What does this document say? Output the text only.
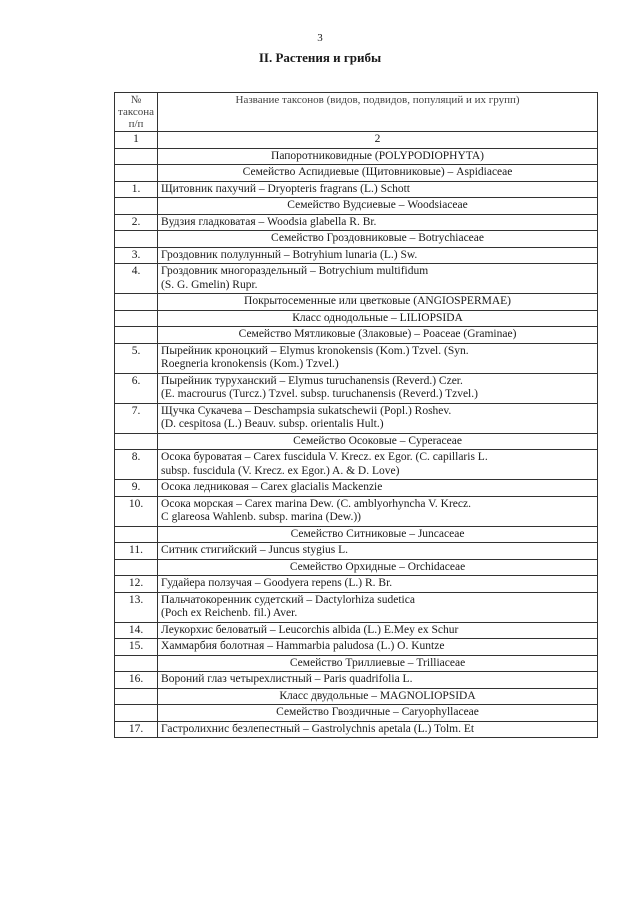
3
II. Растения и грибы
№
таксона
п/п	Название таксонов (видов, подвидов, популяций и их групп)
1	2

	Папоротниковидные (POLYPODIOPHYTA)

	Семейство Аспидиевые (Щитовниковые) – Aspidiaceae

1.	Щитовник пахучий – Dryopteris fragrans (L.) Schott

	Семейство Вудсиевые – Woodsiaceae

2.	Вудзия гладковатая – Woodsia glabella R. Br.

	Семейство Гроздовниковые – Botrychiaceae

3.	Гроздовник полулунный – Botryhium lunaria (L.) Sw.

4.	Гроздовник многораздельный – Botrychium multifidum
(S. G. Gmelin) Rupr.

	Покрытосеменные или цветковые (ANGIOSPERMAE)

	Класс однодольные – LILIOPSIDA

	Семейство Мятликовые (Злаковые) – Poaceae (Graminae)

5.	Пырейник кроноцкий – Elymus kronokensis (Kom.) Tzvel. (Syn.
Roegneria kronokensis (Kom.) Tzvel.)

6.	Пырейник туруханский – Elymus turuchanensis (Reverd.) Czer.
(E. macrourus (Turcz.) Tzvel. subsp. turuchanensis (Reverd.) Tzvel.)

7.	Щучка Сукачева – Deschampsia sukatschewii (Popl.) Roshev.
(D. cespitosa (L.) Beauv. subsp. orientalis Hult.)

	Семейство Осоковые – Cyperaceae

8.	Осока буроватая – Carex fuscidula V. Krecz. ex Egor. (C. capillaris L.
subsp. fuscidula (V. Krecz. ex Egor.) A. & D. Love)

9.	Осока ледниковая – Carex glacialis Mackenzie

10.	Осока морская – Carex marina Dew. (C. amblyorhyncha V. Krecz.
C glareosa Wahlenb. subsp. marina (Dew.))

	Семейство Ситниковые – Juncaceae

11.	Ситник стигийский – Juncus stygius L.

	Семейство Орхидные – Orchidaceae

12.	Гудайера ползучая – Goodyera repens (L.) R. Br.

13.	Пальчатокоренник судетский – Dactylorhiza sudetica
(Poch ex Reichenb. fil.) Aver.

14.	Леукорхис беловатый – Leucorchis albida (L.) E.Mey ex Schur

15.	Хаммарбия болотная – Hammarbia paludosa (L.) O. Kuntze

	Семейство Триллиевые – Trilliaceae

16.	Вороний глаз четырехлистный – Paris quadrifolia L.

	Класс двудольные – MAGNOLIOPSIDA

	Семейство Гвоздичные – Caryophyllaceae

17.	Гастролихнис безлепестный – Gastrolychnis apetala (L.) Tolm. Et
